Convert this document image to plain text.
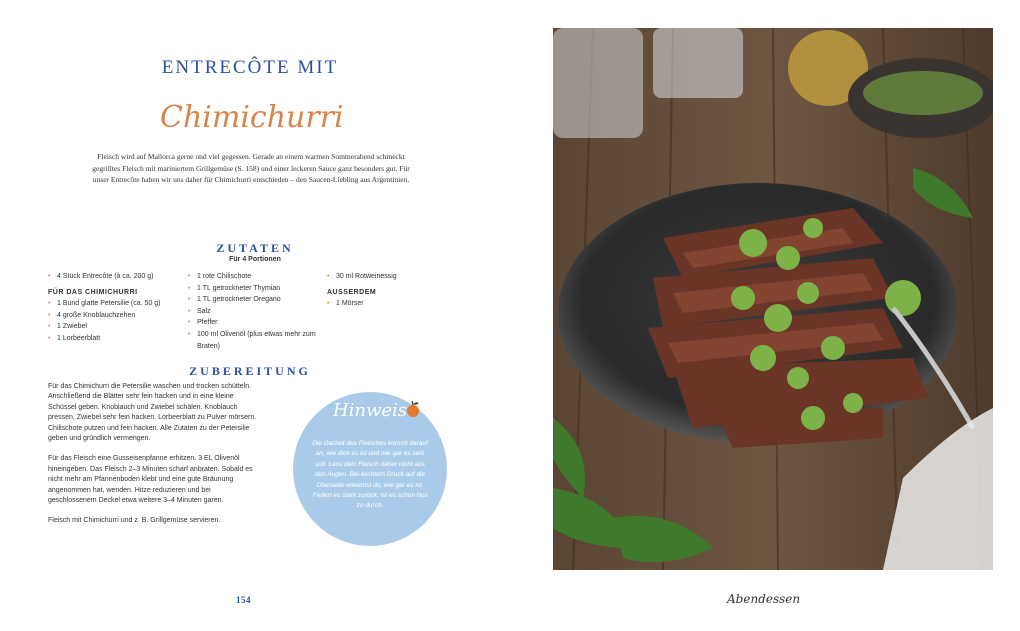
ENTRECÔTE MIT
Chimichurri
Fleisch wird auf Mallorca gerne und viel gegessen. Gerade an einem warmen Sommerabend schmeckt gegrilltes Fleisch mit mariniertem Grillgemüse (S. 158) und einer leckeren Sauce ganz besonders gut. Für unser Entrecôte haben wir uns daher für Chimichurri entschieden – den Saucen-Liebling aus Argentinien.
ZUTATEN
Für 4 Portionen
• 4 Stück Entrecôte (à ca. 200 g)
FÜR DAS CHIMICHURRI
• 1 Bund glatte Petersilie (ca. 50 g)
• 4 große Knoblauchzehen
• 1 Zwiebel
• 1 Lorbeerblatt
• 1 rote Chilischote
• 1 TL getrockneter Thymian
• 1 TL getrockneter Oregano
• Salz
• Pfeffer
• 100 ml Olivenöl (plus etwas mehr zum Braten)
• 30 ml Rotweinessig
AUSSERDEM
• 1 Mörser
ZUBEREITUNG

Für das Chimichurri die Petersilie waschen und trocken schütteln. Anschließend die Blätter sehr fein hacken und in eine kleine Schüssel geben. Knoblauch und Zwiebel schälen. Knoblauch pressen, Zwiebel sehr fein hacken. Lorbeerblatt zu Pulver mörsern. Chilischote putzen und fein hacken. Alle Zutaten zu der Petersilie geben und gründlich vermengen.

Für das Fleisch eine Gusseisenpfanne erhitzen. 3 EL Olivenöl hineingeben. Das Fleisch 2–3 Minuten scharf anbraten. Sobald es nicht mehr am Pfannenboden klebt und eine gute Bräunung angenommen hat, wenden. Hitze reduzieren und bei geschlossenem Deckel etwa weitere 3–4 Minuten garen.

Fleisch mit Chimichurri und z. B. Grillgemüse servieren.

Hinweis
Die Garzeit des Fleisches kommt darauf an, wie dick es ist und wie gar es sein soll. Lass dein Fleisch daher nicht aus den Augen. Bei leichtem Druck auf die Oberseite erkennst du, wie gar es ist. Federt es stark zurück, ist es schon fast zu durch.
154	Abendessen
